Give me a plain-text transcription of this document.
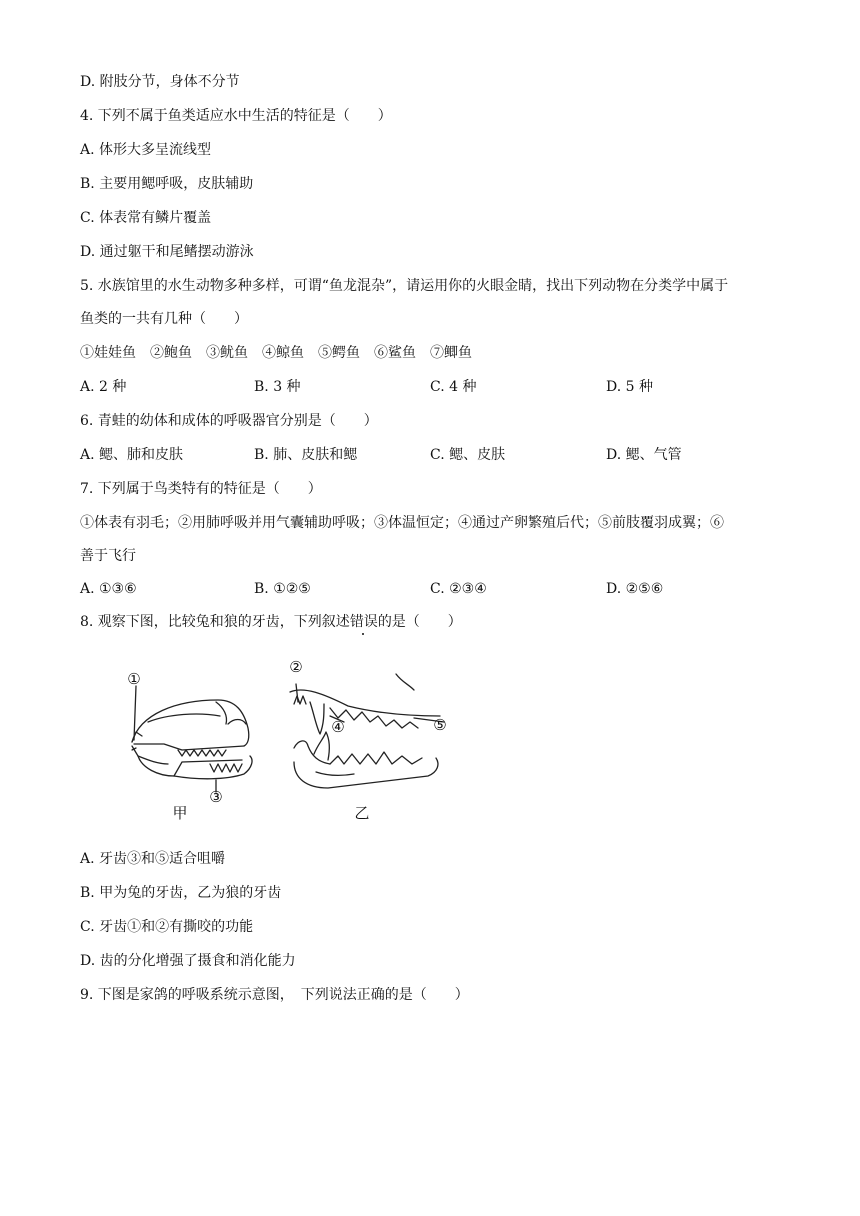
D. 附肢分节，身体不分节
4. 下列不属于鱼类适应水中生活的特征是（　　）
A. 体形大多呈流线型
B. 主要用鳃呼吸，皮肤辅助
C. 体表常有鳞片覆盖
D. 通过躯干和尾鳍摆动游泳
5. 水族馆里的水生动物多种多样，可谓“鱼龙混杂”，请运用你的火眼金睛，找出下列动物在分类学中属于
鱼类的一共有几种（　　）
①娃娃鱼　②鲍鱼　③鱿鱼　④鲸鱼　⑤鳄鱼　⑥鲨鱼　⑦鲫鱼
A. 2 种	B. 3 种	C. 4 种	D. 5 种
6. 青蛙的幼体和成体的呼吸器官分别是（　　）
A. 鳃、肺和皮肤	B. 肺、皮肤和鳃	C. 鳃、皮肤	D. 鳃、气管
7. 下列属于鸟类特有的特征是（　　）
①体表有羽毛；②用肺呼吸并用气囊辅助呼吸；③体温恒定；④通过产卵繁殖后代；⑤前肢覆羽成翼；⑥
善于飞行
A. ①③⑥	B. ①②⑤	C. ②③④	D. ②⑤⑥
8. 观察下图，比较兔和狼的牙齿，下列叙述错误的是（　　）
①
②
③
④	⑤
甲	乙
A. 牙齿③和⑤适合咀嚼
B. 甲为兔的牙齿，乙为狼的牙齿
C. 牙齿①和②有撕咬的功能
D. 齿的分化增强了摄食和消化能力
9. 下图是家鸽的呼吸系统示意图，　下列说法正确的是（　　）
